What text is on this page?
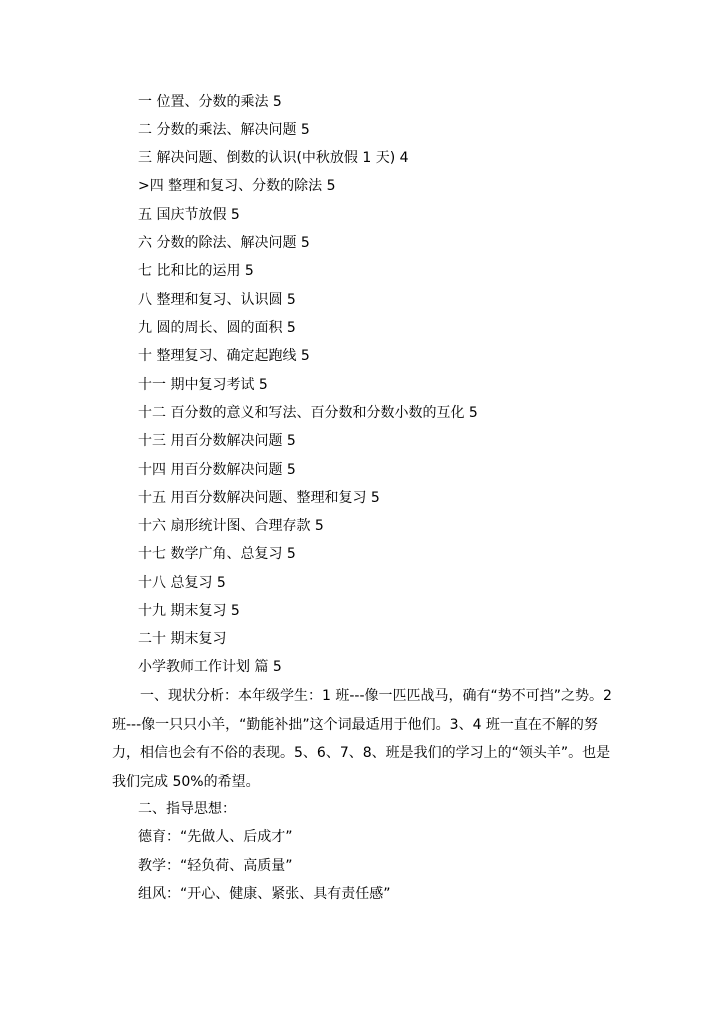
一 位置、分数的乘法 5
二 分数的乘法、解决问题 5
三 解决问题、倒数的认识(中秋放假 1 天) 4
>四 整理和复习、分数的除法 5
五 国庆节放假 5
六 分数的除法、解决问题 5
七 比和比的运用 5
八 整理和复习、认识圆 5
九 圆的周长、圆的面积 5
十 整理复习、确定起跑线 5
十一 期中复习考试 5
十二 百分数的意义和写法、百分数和分数小数的互化 5
十三 用百分数解决问题 5
十四 用百分数解决问题 5
十五 用百分数解决问题、整理和复习 5
十六 扇形统计图、合理存款 5
十七 数学广角、总复习 5
十八 总复习 5
十九 期末复习 5
二十 期末复习
小学教师工作计划 篇 5

一、现状分析：本年级学生：1 班---像一匹匹战马，确有“势不可挡”之势。2 班---像一只只小羊，“勤能补拙”这个词最适用于他们。3、4 班一直在不解的努力，相信也会有不俗的表现。5、6、7、8、班是我们的学习上的“领头羊”。也是我们完成 50%的希望。

二、指导思想：
德育：“先做人、后成才”
教学：“轻负荷、高质量”
组风：“开心、健康、紧张、具有责任感”
